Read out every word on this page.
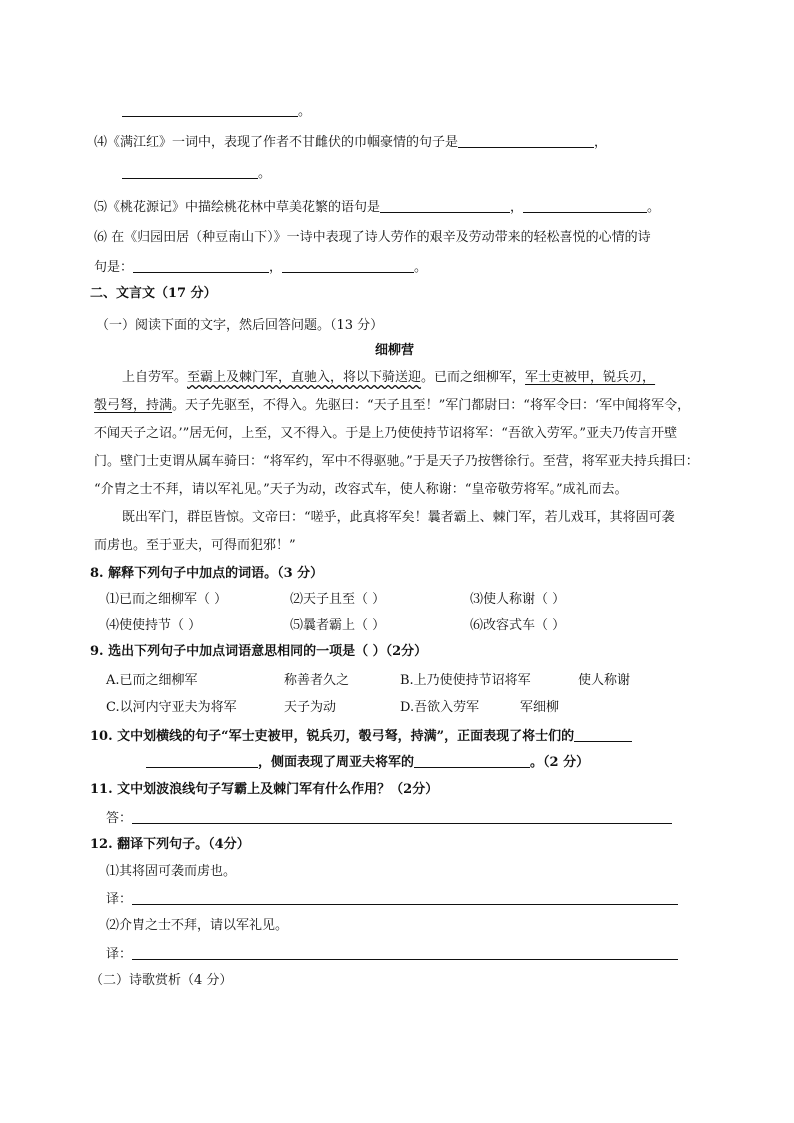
。
⑷《满江红》一词中，表现了作者不甘雌伏的巾帼豪情的句子是	，
。
⑸《桃花源记》中描绘桃花林中草美花繁的语句是	，	。
⑹ 在《归园田居（种豆南山下）》一诗中表现了诗人劳作的艰辛及劳动带来的轻松喜悦的心情的诗
句是：	，	。
二、文言文（17 分）
（一）阅读下面的文字，然后回答问题。（13 分）
细柳营
上自劳军。至霸上及棘门军，直驰入，将以下骑送迎。已而之细柳军，军士吏被甲，锐兵刃，
彀弓弩，持满。天子先驱至，不得入。先驱曰：“天子且至！”军门都尉曰：“将军令曰：‘军中闻将军令，
不闻天子之诏。’”居无何，上至，又不得入。于是上乃使使持节诏将军：“吾欲入劳军。”亚夫乃传言开壁
门。壁门士吏谓从属车骑曰：“将军约，军中不得驱驰。”于是天子乃按辔徐行。至营，将军亚夫持兵揖曰：
“介胄之士不拜，请以军礼见。”天子为动，改容式车，使人称谢：“皇帝敬劳将军。”成礼而去。
既出军门，群臣皆惊。文帝曰：“嗟乎，此真将军矣！曩者霸上、棘门军，若儿戏耳，其将固可袭
而虏也。至于亚夫，可得而犯邪！”
8. 解释下列句子中加点的词语。（3 分）
⑴已而之细柳军（ ）	⑵天子且至（ ）	⑶使人称谢（ ）
⑷使使持节（ ）	⑸曩者霸上（ ）	⑹改容式车（ ）
9. 选出下列句子中加点词语意思相同的一项是（ ）（2分）
A.已而之细柳军	称善者久之	B.上乃使使持节诏将军	使人称谢
C.以河内守亚夫为将军	天子为动	D.吾欲入劳军	军细柳
10. 文中划横线的句子“军士吏被甲，锐兵刃，彀弓弩，持满”，正面表现了将士们的
，侧面表现了周亚夫将军的	。（2 分）
11. 文中划波浪线句子写霸上及棘门军有什么作用？（2分）
答：
12. 翻译下列句子。（4分）
⑴其将固可袭而虏也。
译：
⑵介胄之士不拜，请以军礼见。
译：
（二）诗歌赏析（4 分）
